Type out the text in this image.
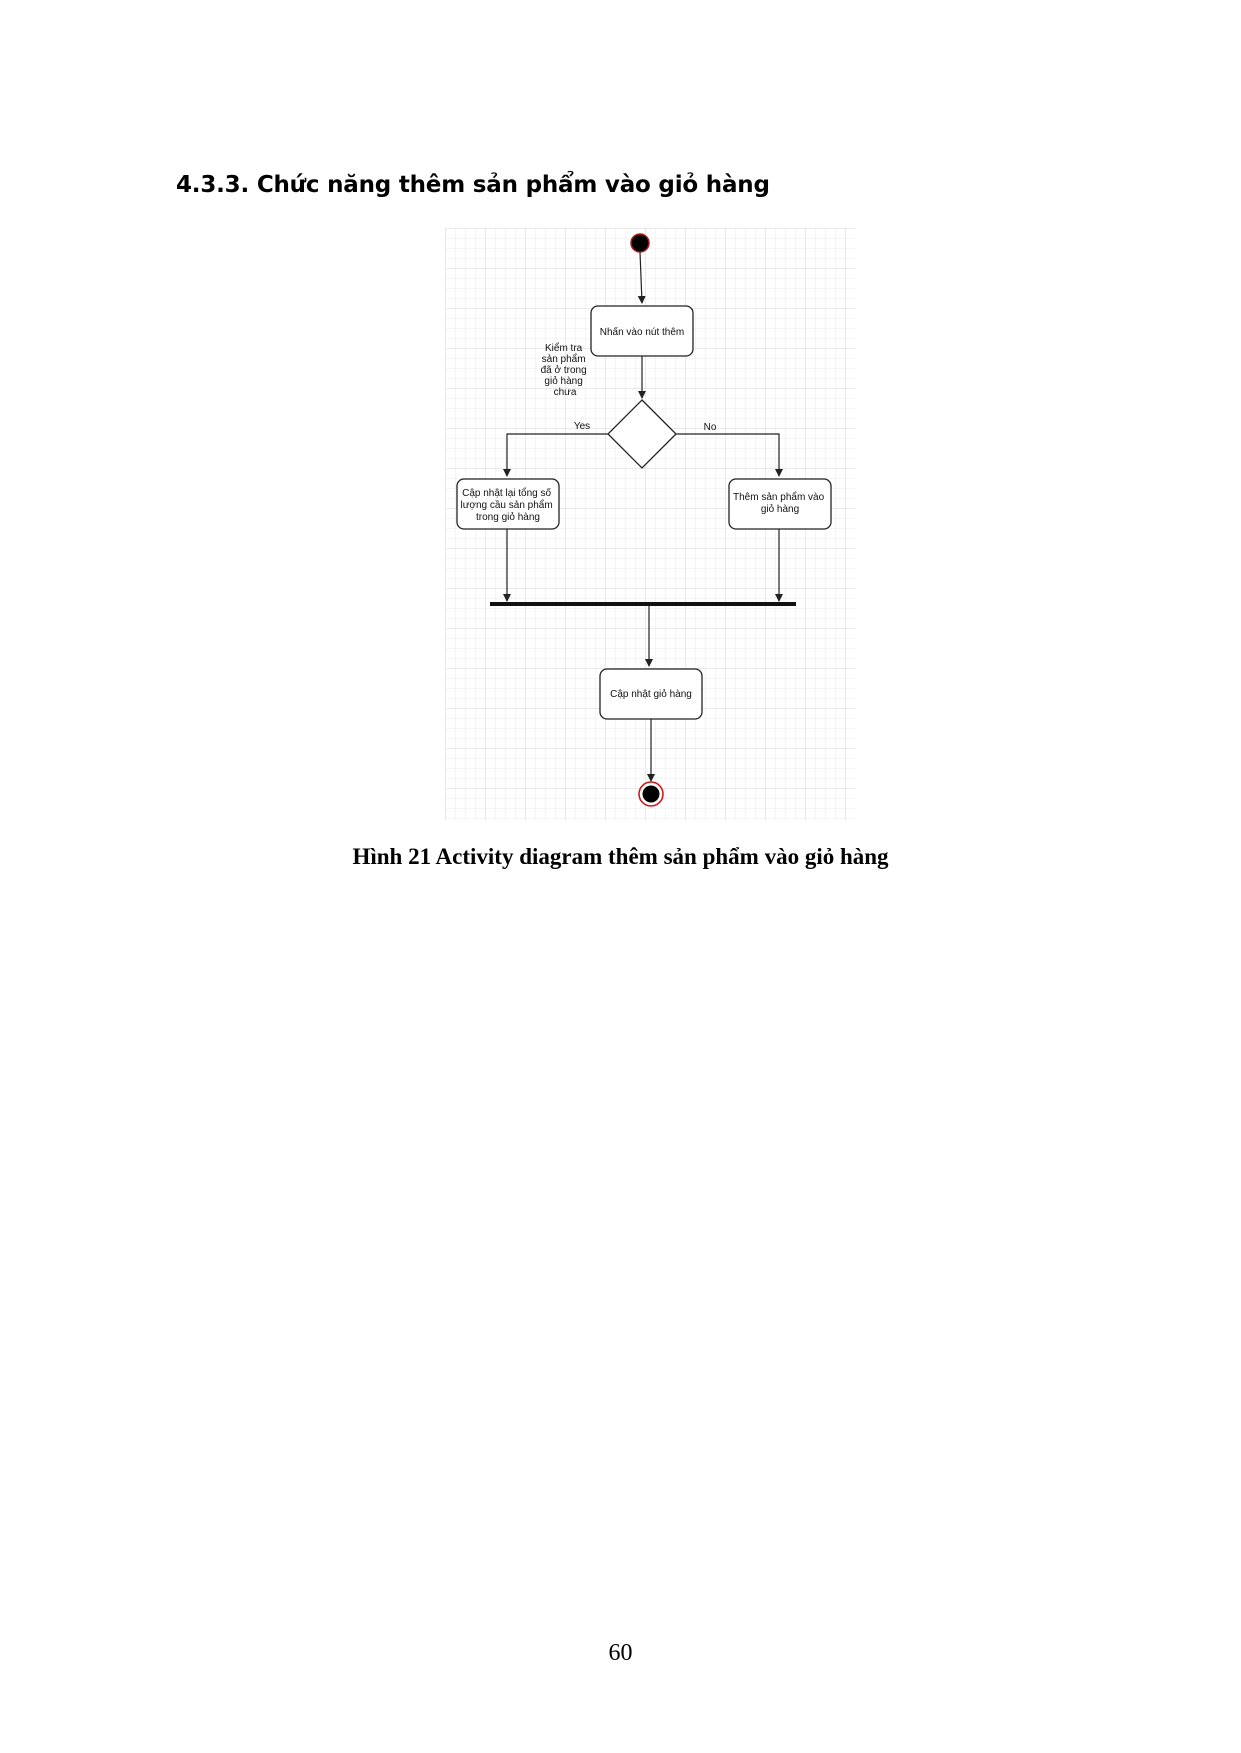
4.3.3. Chức năng thêm sản phẩm vào giỏ hàng
Nhấn vào nút thêm
Kiểm tra sản phẩm đã ở trong giỏ hàng chưa
Yes	No
Cập nhật lại tổng số lượng cầu sản phẩm trong giỏ hàng
Thêm sản phẩm vào giỏ hàng
Cập nhật giỏ hàng
Hình 21 Activity diagram thêm sản phẩm vào giỏ hàng
60
